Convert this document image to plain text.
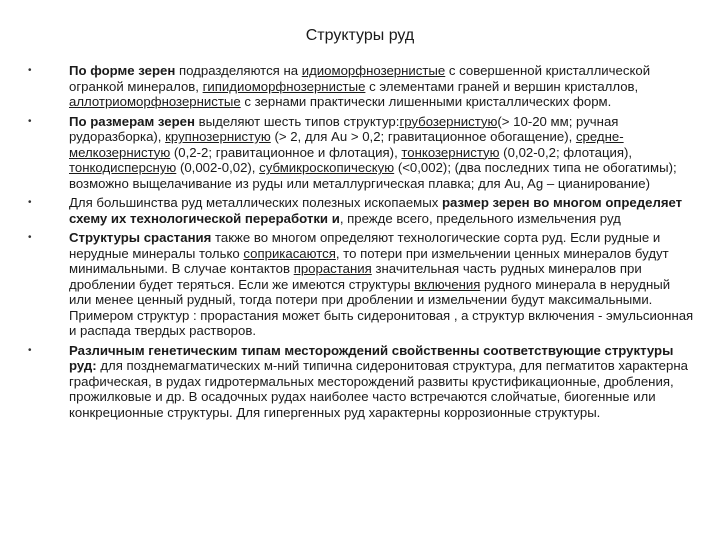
Структуры руд
• По форме зерен подразделяются на идиоморфнозернистые с совершенной кристаллической огранкой минералов, гипидиоморфнозернистые с элементами граней и вершин кристаллов, аллотриоморфнозернистые с зернами практически лишенными кристаллических форм.
• По размерам зерен выделяют шесть типов структур:грубозернистую(> 10-20 мм; ручная рудоразборка), крупнозернистую (> 2, для Au > 0,2; гравитационное обогащение), средне-мелкозернистую (0,2-2; гравитационное и флотация), тонкозернистую (0,02-0,2; флотация), тонкодисперсную (0,002-0,02), субмикроскопическую (<0,002); (два последних типа не обогатимы); возможно выщелачивание из руды или металлургическая плавка; для Au, Ag – цианирование)
• Для большинства руд металлических полезных ископаемых размер зерен во многом определяет схему их технологической переработки и, прежде всего, предельного измельчения руд
• Структуры срастания также во многом определяют технологические сорта руд. Если рудные и нерудные минералы только соприкасаются, то потери при измельчении ценных минералов будут минимальными. В случае контактов прорастания значительная часть рудных минералов при дроблении будет теряться. Если же имеются структуры включения рудного минерала в нерудный или менее ценный рудный, тогда потери при дроблении и измельчении будут максимальными. Примером структур : прорастания может быть сидеронитовая , а структур включения - эмульсионная и распада твердых растворов.
• Различным генетическим типам месторождений свойственны соответствующие структуры руд: для позднемагматических м-ний типична сидеронитовая структура, для пегматитов характерна графическая, в рудах гидротермальных месторождений развиты крустификационные, дробления, прожилковые и др. В осадочных рудах наиболее часто встречаются слойчатые, биогенные или конкреционные структуры. Для гипергенных руд характерны коррозионные структуры.
